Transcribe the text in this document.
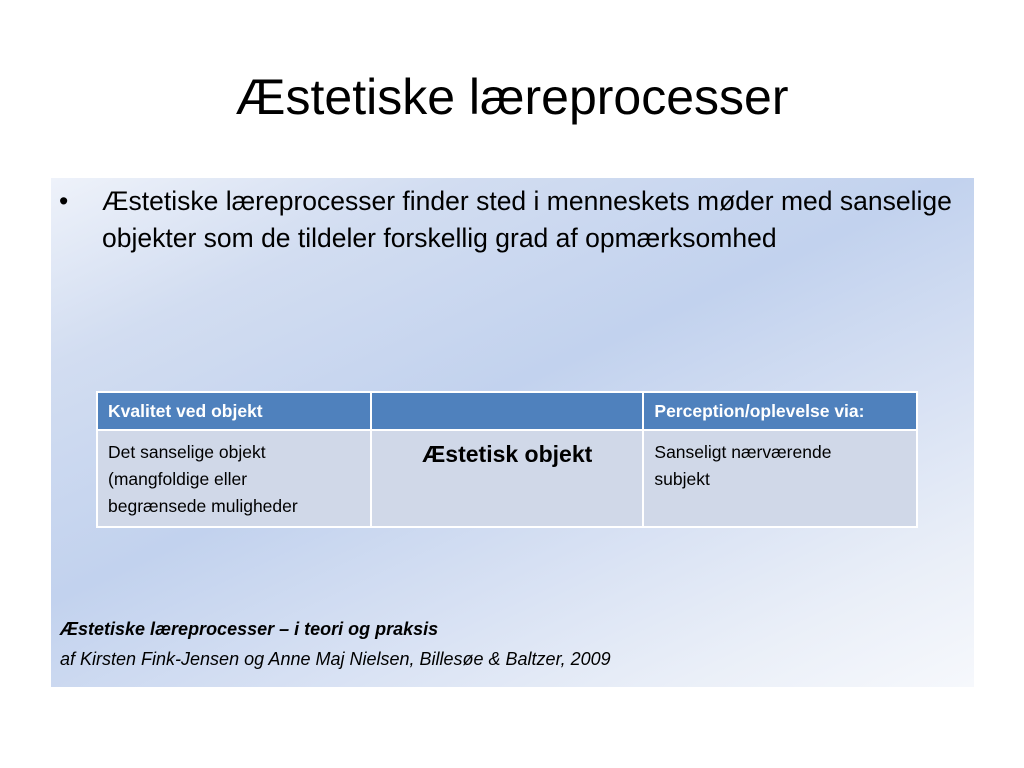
Æstetiske læreprocesser
•	Æstetiske læreprocesser finder sted i menneskets møder med sanselige objekter som de tildeler forskellig grad af opmærksomhed
Kvalitet ved objekt		Perception/oplevelse via:
Det sanselige objekt
(mangfoldige eller
begrænsede muligheder	Æstetisk objekt	Sanseligt nærværende
subjekt
Æstetiske læreprocesser – i teori og praksis
af Kirsten Fink-Jensen og Anne Maj Nielsen, Billesøe & Baltzer, 2009
